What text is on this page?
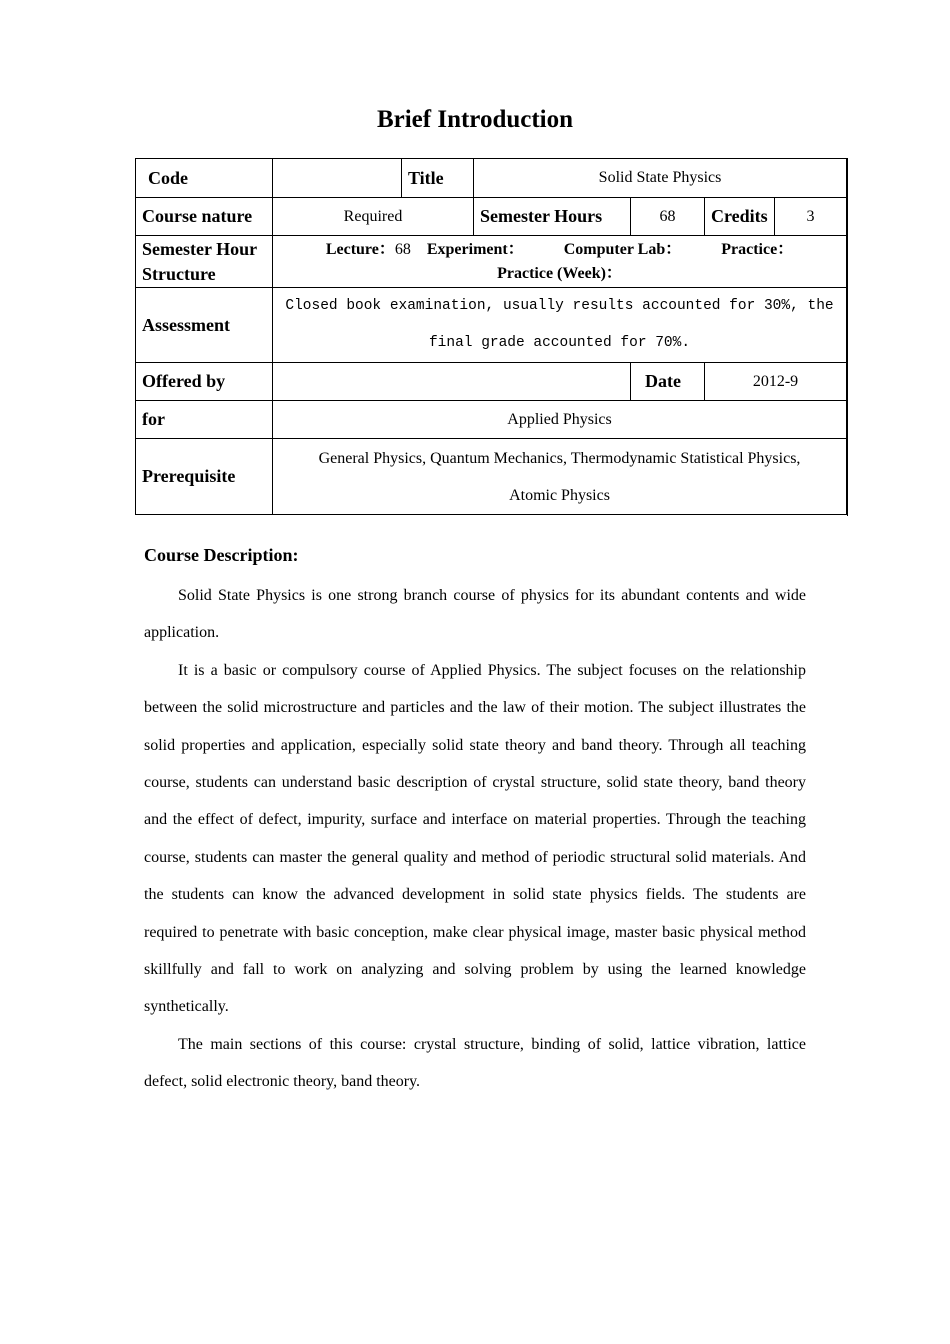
Brief Introduction
Code		Title	Solid State Physics			
Course nature	Required		Semester Hours	68	Credits	3
Semester Hour Structure	Lecture：68 Experiment： Computer Lab： Practice：
Practice (Week)：					

Assessment	Closed book examination, usually results accounted for 30%, the final grade accounted for 70%.					
Offered by				Date	2012-9	
for	Applied Physics					
Prerequisite	General Physics, Quantum Mechanics, Thermodynamic Statistical Physics, Atomic Physics					
Course Description:

Solid State Physics is one strong branch course of physics for its abundant contents and wide application.

It is a basic or compulsory course of Applied Physics. The subject focuses on the relationship between the solid microstructure and particles and the law of their motion. The subject illustrates the solid properties and application, especially solid state theory and band theory. Through all teaching course, students can understand basic description of crystal structure, solid state theory, band theory and the effect of defect, impurity, surface and interface on material properties. Through the teaching course, students can master the general quality and method of periodic structural solid materials. And the students can know the advanced development in solid state physics fields. The students are required to penetrate with basic conception, make clear physical image, master basic physical method skillfully and fall to work on analyzing and solving problem by using the learned knowledge synthetically.

The main sections of this course: crystal structure, binding of solid, lattice vibration, lattice defect, solid electronic theory, band theory.
